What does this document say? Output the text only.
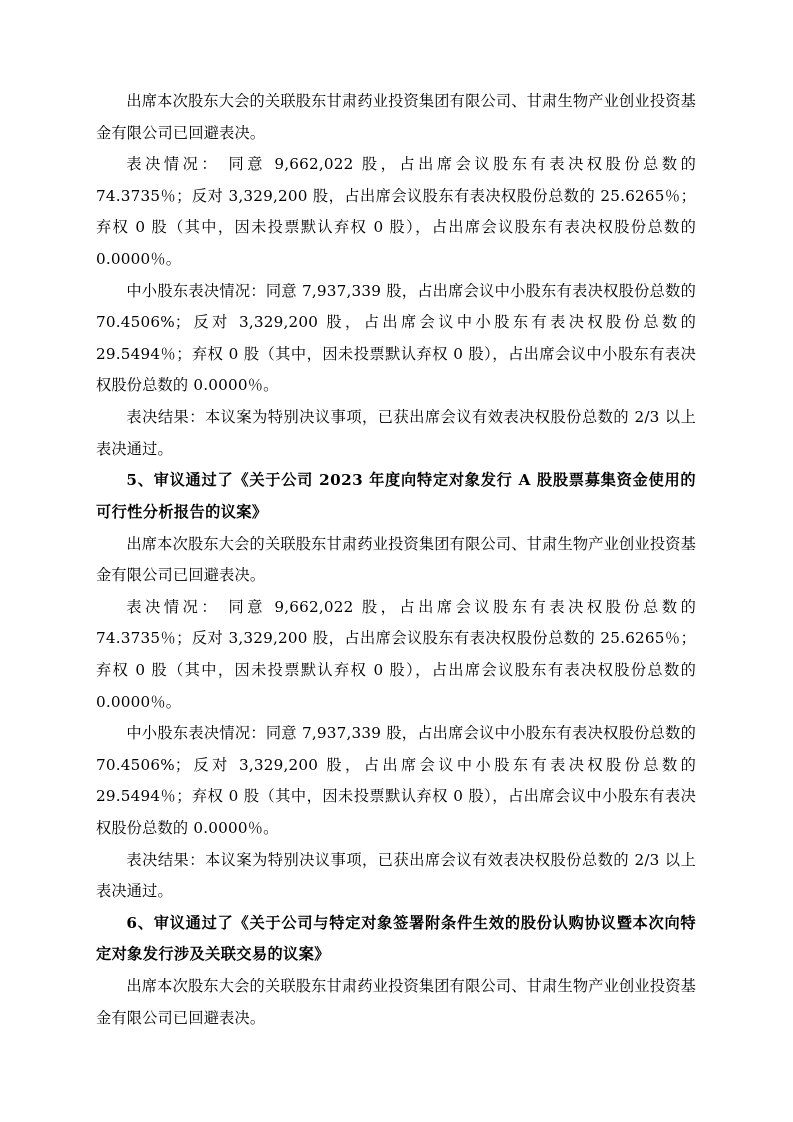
出席本次股东大会的关联股东甘肃药业投资集团有限公司、甘肃生物产业创业投资基金有限公司已回避表决。

表决情况： 同意 9,662,022 股，占出席会议股东有表决权股份总数的 74.3735％；反对 3,329,200 股，占出席会议股东有表决权股份总数的 25.6265％；弃权 0 股（其中，因未投票默认弃权 0 股），占出席会议股东有表决权股份总数的 0.0000％。

中小股东表决情况：同意 7,937,339 股，占出席会议中小股东有表决权股份总数的 70.4506%；反对 3,329,200 股，占出席会议中小股东有表决权股份总数的 29.5494％；弃权 0 股（其中，因未投票默认弃权 0 股），占出席会议中小股东有表决权股份总数的 0.0000％。

表决结果：本议案为特别决议事项，已获出席会议有效表决权股份总数的 2/3 以上表决通过。

5、审议通过了《关于公司 2023 年度向特定对象发行 A 股股票募集资金使用的可行性分析报告的议案》

出席本次股东大会的关联股东甘肃药业投资集团有限公司、甘肃生物产业创业投资基金有限公司已回避表决。

表决情况： 同意 9,662,022 股，占出席会议股东有表决权股份总数的 74.3735％；反对 3,329,200 股，占出席会议股东有表决权股份总数的 25.6265％；弃权 0 股（其中，因未投票默认弃权 0 股），占出席会议股东有表决权股份总数的 0.0000％。

中小股东表决情况：同意 7,937,339 股，占出席会议中小股东有表决权股份总数的 70.4506%；反对 3,329,200 股，占出席会议中小股东有表决权股份总数的 29.5494％；弃权 0 股（其中，因未投票默认弃权 0 股），占出席会议中小股东有表决权股份总数的 0.0000％。

表决结果：本议案为特别决议事项，已获出席会议有效表决权股份总数的 2/3 以上表决通过。

6、审议通过了《关于公司与特定对象签署附条件生效的股份认购协议暨本次向特定对象发行涉及关联交易的议案》

出席本次股东大会的关联股东甘肃药业投资集团有限公司、甘肃生物产业创业投资基金有限公司已回避表决。
